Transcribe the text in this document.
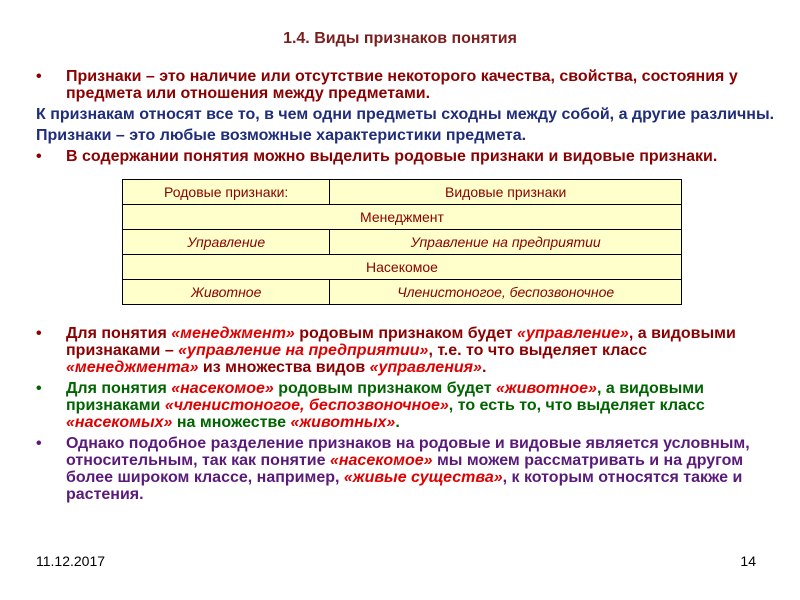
1.4. Виды признаков понятия
•	Признаки – это наличие или отсутствие некоторого качества, свойства, состояния у предмета или отношения между предметами.
К признакам относят все то, в чем одни предметы сходны между собой, а другие различны.
Признаки – это любые возможные характеристики предмета.
•	В содержании понятия можно выделить родовые признаки и видовые признаки.
Родовые признаки:	Видовые признаки
Менеджмент	
Управление	Управление на предприятии
Насекомое	
Животное	Членистоногое, беспозвоночное
•	Для понятия «менеджмент» родовым признаком будет «управление», а видовыми признаками – «управление на предприятии», т.е. то что выделяет класс «менеджмента» из множества видов «управления».
•	Для понятия «насекомое» родовым признаком будет «животное», а видовыми признаками «членистоногое, беспозвоночное», то есть то, что выделяет класс «насекомых» на множестве «животных».
•	Однако подобное разделение признаков на родовые и видовые является условным, относительным, так как понятие «насекомое» мы можем рассматривать и на другом более широком классе, например, «живые существа», к которым относятся также и растения.
11.12.2017	14
